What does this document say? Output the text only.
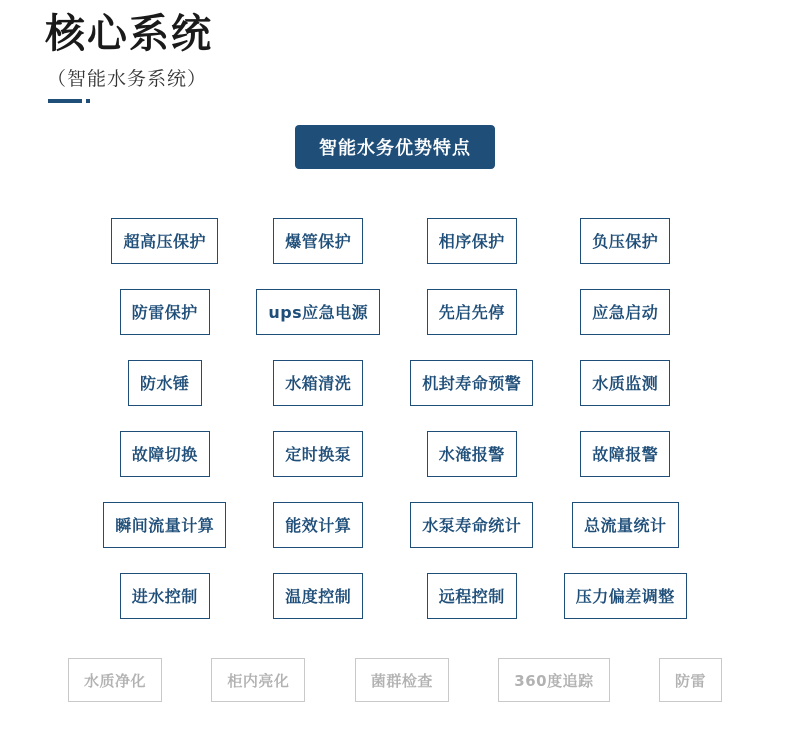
核心系统
（智能水务系统）
智能水务优势特点
超高压保护	爆管保护	相序保护	负压保护
防雷保护	ups应急电源	先启先停	应急启动
防水锤	水箱清洗	机封寿命预警	水质监测
故障切换	定时换泵	水淹报警	故障报警
瞬间流量计算	能效计算	水泵寿命统计	总流量统计
进水控制	温度控制	远程控制	压力偏差调整
水质净化	柜内亮化	菌群检查	360度追踪	防雷
